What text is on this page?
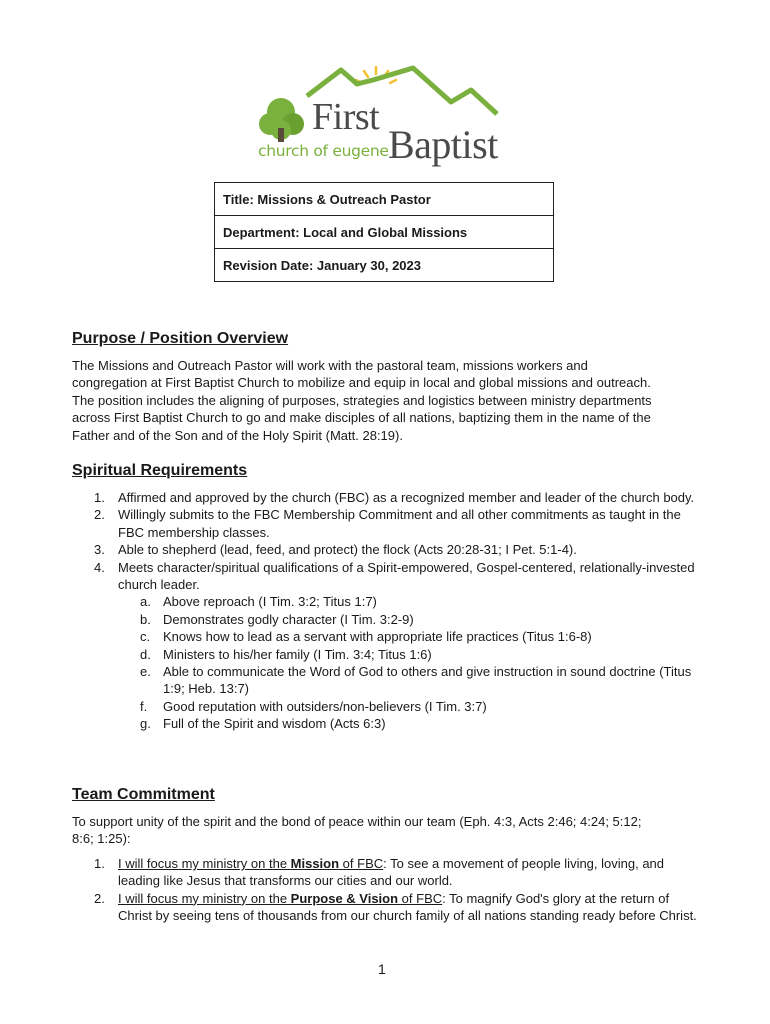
First
Baptist
church of eugene
Title: Missions & Outreach Pastor
Department: Local and Global Missions
Revision Date: January 30, 2023
Purpose / Position Overview
The Missions and Outreach Pastor will work with the pastoral team, missions workers and
congregation at First Baptist Church to mobilize and equip in local and global missions and outreach.
The position includes the aligning of purposes, strategies and logistics between ministry departments
across First Baptist Church to go and make disciples of all nations, baptizing them in the name of the
Father and of the Son and of the Holy Spirit (Matt. 28:19).
Spiritual Requirements
1. Affirmed and approved by the church (FBC) as a recognized member and leader of the church body.
2. Willingly submits to the FBC Membership Commitment and all other commitments as taught in the FBC membership classes.
3. Able to shepherd (lead, feed, and protect) the flock (Acts 20:28-31; I Pet. 5:1-4).
4. Meets character/spiritual qualifications of a Spirit-empowered, Gospel-centered, relationally-invested church leader.
a. Above reproach (I Tim. 3:2; Titus 1:7)
b. Demonstrates godly character (I Tim. 3:2-9)
c. Knows how to lead as a servant with appropriate life practices (Titus 1:6-8)
d. Ministers to his/her family (I Tim. 3:4; Titus 1:6)
e. Able to communicate the Word of God to others and give instruction in sound doctrine (Titus 1:9; Heb. 13:7)
f. Good reputation with outsiders/non-believers (I Tim. 3:7)
g. Full of the Spirit and wisdom (Acts 6:3)
Team Commitment
To support unity of the spirit and the bond of peace within our team (Eph. 4:3, Acts 2:46; 4:24; 5:12;
8:6; 1:25):
1. I will focus my ministry on the Mission of FBC: To see a movement of people living, loving, and leading like Jesus that transforms our cities and our world.
2. I will focus my ministry on the Purpose & Vision of FBC: To magnify God's glory at the return of Christ by seeing tens of thousands from our church family of all nations standing ready before Christ.
1
